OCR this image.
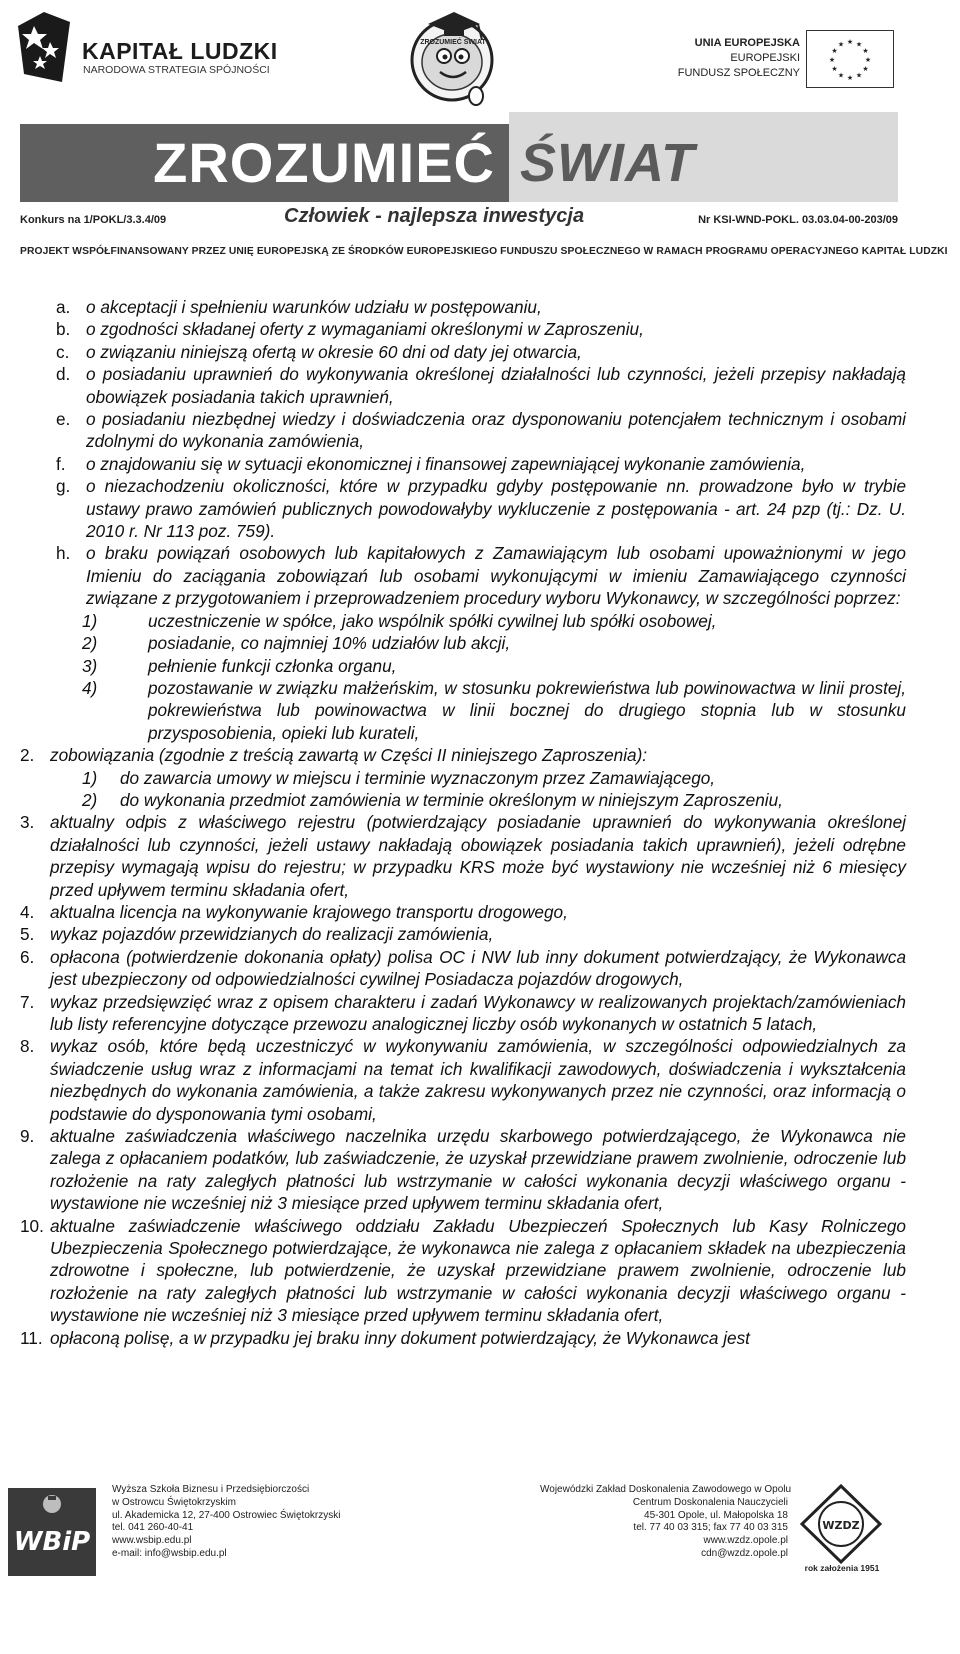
KAPITAŁ LUDZKI
NARODOWA STRATEGIA SPÓJNOŚCI
ZROZUMIEĆ ŚWIAT	UNIA EUROPEJSKA
EUROPEJSKI
FUNDUSZ SPOŁECZNY
★ ★
★
★
★
★
★
★
★
★
★
★
ZROZUMIEĆ ŚWIAT
Konkurs na 1/POKL/3.3.4/09	Człowiek - najlepsza inwestycja	Nr KSI-WND-POKL. 03.03.04-00-203/09
PROJEKT WSPÓŁFINANSOWANY PRZEZ UNIĘ EUROPEJSKĄ ZE ŚRODKÓW EUROPEJSKIEGO FUNDUSZU SPOŁECZNEGO W RAMACH PROGRAMU OPERACYJNEGO KAPITAŁ LUDZKI
a. o akceptacji i spełnieniu warunków udziału w postępowaniu,
b. o zgodności składanej oferty z wymaganiami określonymi w Zaproszeniu,
c. o związaniu niniejszą ofertą w okresie 60 dni od daty jej otwarcia,
d. o posiadaniu uprawnień do wykonywania określonej działalności lub czynności, jeżeli przepisy nakładają obowiązek posiadania takich uprawnień,
e. o posiadaniu niezbędnej wiedzy i doświadczenia oraz dysponowaniu potencjałem technicznym i osobami zdolnymi do wykonania zamówienia,
f. o znajdowaniu się w sytuacji ekonomicznej i finansowej zapewniającej wykonanie zamówienia,
g. o niezachodzeniu okoliczności, które w przypadku gdyby postępowanie nn. prowadzone było w trybie ustawy prawo zamówień publicznych powodowałyby wykluczenie z postępowania - art. 24 pzp (tj.: Dz. U. 2010 r. Nr 113 poz. 759).
h. o braku powiązań osobowych lub kapitałowych z Zamawiającym lub osobami upoważnionymi w jego Imieniu do zaciągania zobowiązań lub osobami wykonującymi w imieniu Zamawiającego czynności związane z przygotowaniem i przeprowadzeniem procedury wyboru Wykonawcy, w szczególności poprzez:
1)	uczestniczenie w spółce, jako wspólnik spółki cywilnej lub spółki osobowej,
2)	posiadanie, co najmniej 10% udziałów lub akcji,
3)	pełnienie funkcji członka organu,
4)	pozostawanie w związku małżeńskim, w stosunku pokrewieństwa lub powinowactwa w linii prostej, pokrewieństwa lub powinowactwa w linii bocznej do drugiego stopnia lub w stosunku przysposobienia, opieki lub kurateli,
2. zobowiązania (zgodnie z treścią zawartą w Części II niniejszego Zaproszenia):
1) do zawarcia umowy w miejscu i terminie wyznaczonym przez Zamawiającego,
2) do wykonania przedmiot zamówienia w terminie określonym w niniejszym Zaproszeniu,
3. aktualny odpis z właściwego rejestru (potwierdzający posiadanie uprawnień do wykonywania określonej działalności lub czynności, jeżeli ustawy nakładają obowiązek posiadania takich uprawnień), jeżeli odrębne przepisy wymagają wpisu do rejestru; w przypadku KRS może być wystawiony nie wcześniej niż 6 miesięcy przed upływem terminu składania ofert,
4. aktualna licencja na wykonywanie krajowego transportu drogowego,
5. wykaz pojazdów przewidzianych do realizacji zamówienia,
6. opłacona (potwierdzenie dokonania opłaty) polisa OC i NW lub inny dokument potwierdzający, że Wykonawca jest ubezpieczony od odpowiedzialności cywilnej Posiadacza pojazdów drogowych,
7. wykaz przedsięwzięć wraz z opisem charakteru i zadań Wykonawcy w realizowanych projektach/zamówieniach lub listy referencyjne dotyczące przewozu analogicznej liczby osób wykonanych w ostatnich 5 latach,
8. wykaz osób, które będą uczestniczyć w wykonywaniu zamówienia, w szczególności odpowiedzialnych za świadczenie usług wraz z informacjami na temat ich kwalifikacji zawodowych, doświadczenia i wykształcenia niezbędnych do wykonania zamówienia, a także zakresu wykonywanych przez nie czynności, oraz informacją o podstawie do dysponowania tymi osobami,
9. aktualne zaświadczenia właściwego naczelnika urzędu skarbowego potwierdzającego, że Wykonawca nie zalega z opłacaniem podatków, lub zaświadczenie, że uzyskał przewidziane prawem zwolnienie, odroczenie lub rozłożenie na raty zaległych płatności lub wstrzymanie w całości wykonania decyzji właściwego organu - wystawione nie wcześniej niż 3 miesiące przed upływem terminu składania ofert,
10. aktualne zaświadczenie właściwego oddziału Zakładu Ubezpieczeń Społecznych lub Kasy Rolniczego Ubezpieczenia Społecznego potwierdzające, że wykonawca nie zalega z opłacaniem składek na ubezpieczenia zdrowotne i społeczne, lub potwierdzenie, że uzyskał przewidziane prawem zwolnienie, odroczenie lub rozłożenie na raty zaległych płatności lub wstrzymanie w całości wykonania decyzji właściwego organu - wystawione nie wcześniej niż 3 miesiące przed upływem terminu składania ofert,
11. opłaconą polisę, a w przypadku jej braku inny dokument potwierdzający, że Wykonawca jest
WBiP
Wyższa Szkoła Biznesu i Przedsiębiorczości
w Ostrowcu Świętokrzyskim
ul. Akademicka 12, 27-400 Ostrowiec Świętokrzyski
tel. 041 260-40-41
www.wsbip.edu.pl
e-mail: info@wsbip.edu.pl
Wojewódzki Zakład Doskonalenia Zawodowego w Opolu
Centrum Doskonalenia Nauczycieli
45-301 Opole, ul. Małopolska 18
tel. 77 40 03 315; fax 77 40 03 315
www.wzdz.opole.pl
cdn@wzdz.opole.pl
WZDZ
rok założenia 1951
